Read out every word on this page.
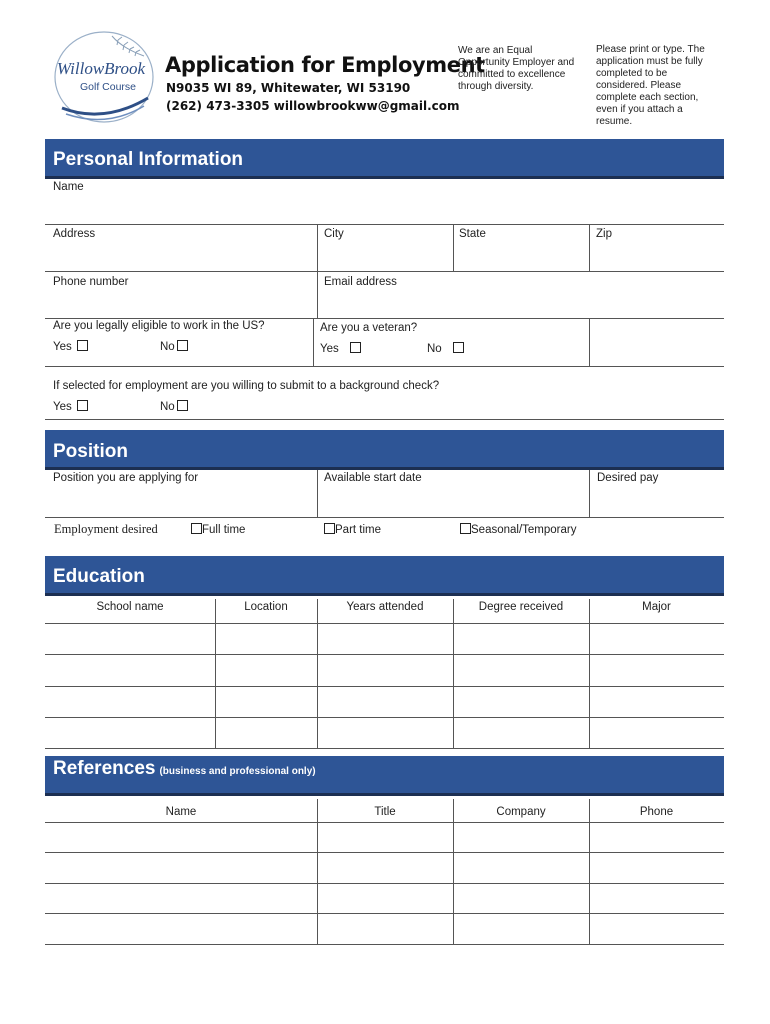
WillowBrook
Golf Course
Application for Employment
N9035 WI 89, Whitewater, WI 53190
(262) 473-3305 willowbrookww@gmail.com
We are an Equal Opportunity Employer and committed to excellence through diversity.
Please print or type. The application must be fully completed to be considered. Please complete each section, even if you attach a resume.
Personal Information
Name
Address	City	State	Zip
Phone number	Email address
Are you legally eligible to work in the US?
Yes	No
Are you a veteran?
Yes	No
If selected for employment are you willing to submit to a background check?
Yes	No
Position
Position you are applying for	Available start date	Desired pay
Employment desired	Full time	Part time	Seasonal/Temporary
Education
School name	Location	Years attended	Degree received	Major
References (business and professional only)
Name	Title	Company	Phone
